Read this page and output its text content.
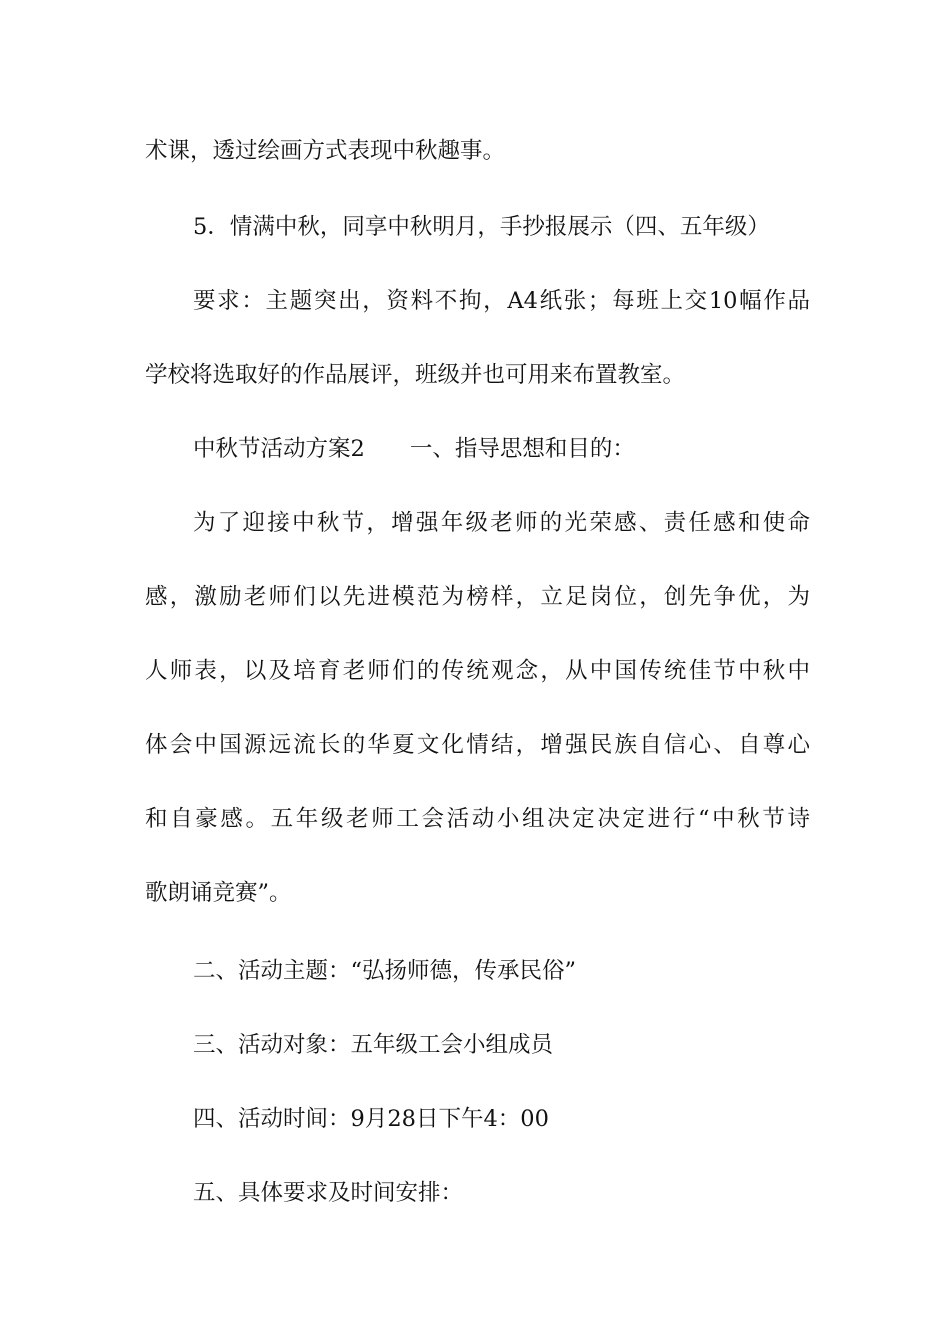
术课，透过绘画方式表现中秋趣事。
5．情满中秋，同享中秋明月，手抄报展示（四、五年级）
要求：主题突出，资料不拘，A4纸张；每班上交10幅作品
学校将选取好的作品展评，班级并也可用来布置教室。
中秋节活动方案2　　一、指导思想和目的：
为了迎接中秋节，增强年级老师的光荣感、责任感和使命
感，激励老师们以先进模范为榜样，立足岗位，创先争优，为
人师表，以及培育老师们的传统观念，从中国传统佳节中秋中
体会中国源远流长的华夏文化情结，增强民族自信心、自尊心
和自豪感。五年级老师工会活动小组决定决定进行“中秋节诗
歌朗诵竞赛”。
二、活动主题：“弘扬师德，传承民俗”
三、活动对象：五年级工会小组成员
四、活动时间：9月28日下午4：00
五、具体要求及时间安排：
